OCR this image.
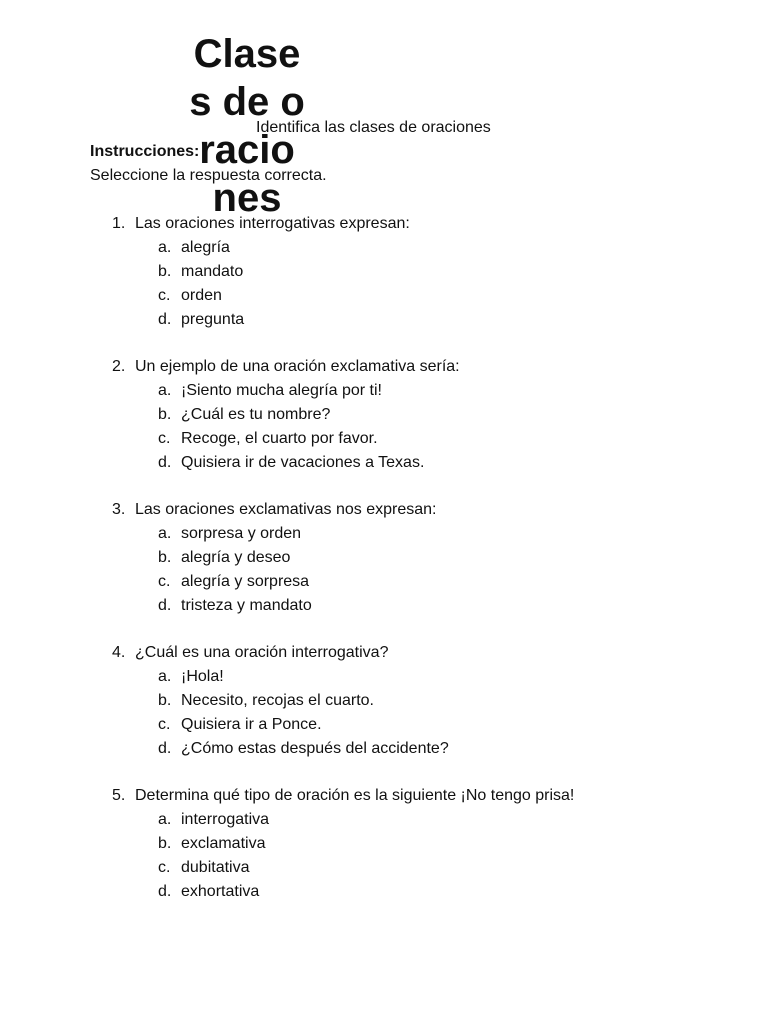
Clases de oraciones
Identifica las clases de oraciones
Instrucciones:
Seleccione la respuesta correcta.
1. Las oraciones interrogativas expresan:
a. alegría
b. mandato
c. orden
d. pregunta
2. Un ejemplo de una oración exclamativa sería:
a. ¡Siento mucha alegría por ti!
b. ¿Cuál es tu nombre?
c. Recoge, el cuarto por favor.
d. Quisiera ir de vacaciones a Texas.
3. Las oraciones exclamativas nos expresan:
a. sorpresa y orden
b. alegría y deseo
c. alegría y sorpresa
d. tristeza y mandato
4. ¿Cuál es una oración interrogativa?
a. ¡Hola!
b. Necesito, recojas el cuarto.
c. Quisiera ir a Ponce.
d. ¿Cómo estas después del accidente?
5. Determina qué tipo de oración es la siguiente ¡No tengo prisa!
a. interrogativa
b. exclamativa
c. dubitativa
d. exhortativa
